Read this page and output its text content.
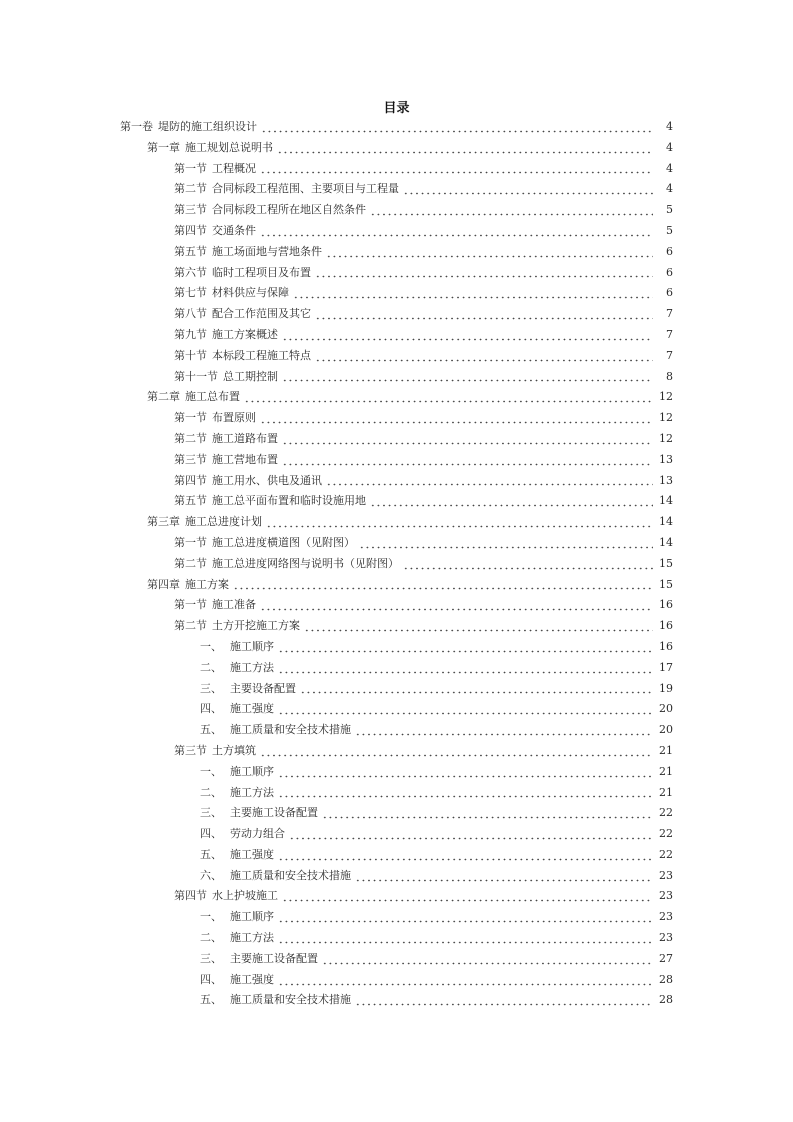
目录
第一卷 堤防的施工组织设计	4
第一章 施工规划总说明书	4
第一节 工程概况	4
第二节 合同标段工程范围、主要项目与工程量	4
第三节 合同标段工程所在地区自然条件	5
第四节 交通条件	5
第五节 施工场面地与营地条件	6
第六节 临时工程项目及布置	6
第七节 材料供应与保障	6
第八节 配合工作范围及其它	7
第九节 施工方案概述	7
第十节 本标段工程施工特点	7
第十一节 总工期控制	8
第二章 施工总布置	12
第一节 布置原则	12
第二节 施工道路布置	12
第三节 施工营地布置	13
第四节 施工用水、供电及通讯	13
第五节 施工总平面布置和临时设施用地	14
第三章 施工总进度计划	14
第一节 施工总进度横道图（见附图）	14
第二节 施工总进度网络图与说明书（见附图）	15
第四章 施工方案	15
第一节 施工准备	16
第二节 土方开挖施工方案	16
一、 施工顺序	16
二、 施工方法	17
三、 主要设备配置	19
四、 施工强度	20
五、 施工质量和安全技术措施	20
第三节 土方填筑	21
一、 施工顺序	21
二、 施工方法	21
三、 主要施工设备配置	22
四、 劳动力组合	22
五、 施工强度	22
六、 施工质量和安全技术措施	23
第四节 水上护坡施工	23
一、 施工顺序	23
二、 施工方法	23
三、 主要施工设备配置	27
四、 施工强度	28
五、 施工质量和安全技术措施	28
